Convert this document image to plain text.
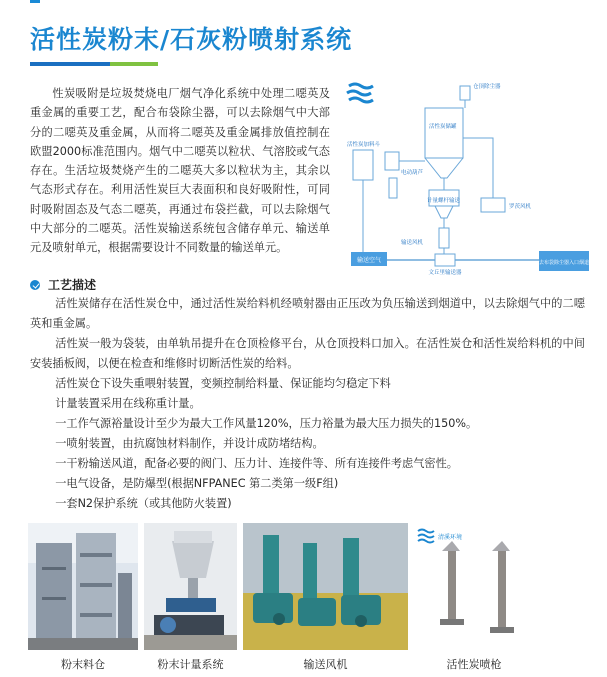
活性炭粉末/石灰粉喷射系统
性炭吸附是垃圾焚烧电厂烟气净化系统中处理二噁英及重金属的重要工艺，配合布袋除尘器，可以去除烟气中大部分的二噁英及重金属，从而将二噁英及重金属排放值控制在欧盟2000标准范围内。烟气中二噁英以粒状、气溶胶或气态存在。生活垃圾焚烧产生的二噁英大多以粒状为主，其余以气态形式存在。利用活性炭巨大表面积和良好吸附性，可同时吸附固态及气态二噁英，再通过布袋拦截，可以去除烟气中大部分的二噁英。活性炭输送系统包含储存单元、输送单元及喷射单元，根据需要设计不同数量的输送单元。
输送空气
文丘里输送器
去布袋除尘器入口烟道
仓顶除尘器
活性炭储罐
活性炭加料斗
电动葫芦
计量螺杆输送
罗茨风机
输送风机
工艺描述

活性炭储存在活性炭仓中，通过活性炭给料机经喷射器由正压改为负压输送到烟道中，以去除烟气中的二噁英和重金属。

活性炭一般为袋装，由单轨吊提升在仓顶检修平台，从仓顶投料口加入。在活性炭仓和活性炭给料机的中间安装插板阀，以便在检查和维修时切断活性炭的给料。

活性炭仓下设失重喂射装置，变频控制给料量、保证能均匀稳定下料

计量装置采用在线称重计量。

一工作气源裕量设计至少为最大工作风量120%，压力裕量为最大压力损失的150%。

一喷射装置，由抗腐蚀材料制作，并设计成防堵结构。

一干粉输送风道，配备必要的阀门、压力计、连接件等、所有连接件考虑气密性。

一电气设备，是防爆型(根据NFPANEC 第二类第一级F组)

一套N2保护系统（或其他防火装置)

粉末料仓	粉末计量系统	输送风机
清溪环境
活性炭喷枪
